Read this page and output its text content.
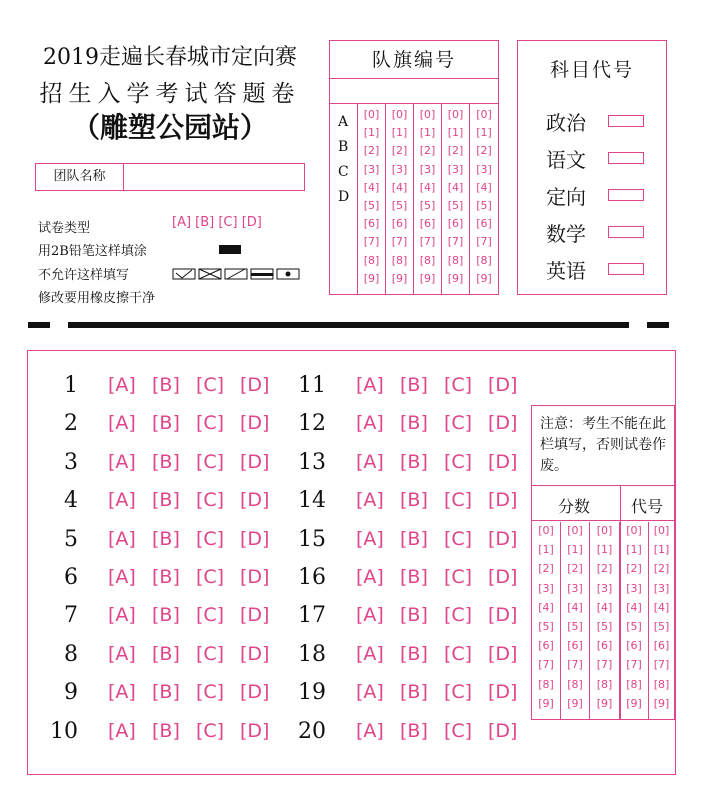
2019走遍长春城市定向赛
招生入学考试答题卷
（雕塑公园站）
团队名称
试卷类型	[A] [B] [C] [D]
用2B铅笔这样填涂
不允许这样填写
修改要用橡皮擦干净
队旗编号
A
B
C
D
[0]
[1]
[2]
[3]
[4]
[5]
[6]
[7]
[8]
[9]
[0]
[1]
[2]
[3]
[4]
[5]
[6]
[7]
[8]
[9]
[0]
[1]
[2]
[3]
[4]
[5]
[6]
[7]
[8]
[9]
[0]
[1]
[2]
[3]
[4]
[5]
[6]
[7]
[8]
[9]
[0]
[1]
[2]
[3]
[4]
[5]
[6]
[7]
[8]
[9]
科目代号
政治
语文
定向
数学
英语
1 [A] [B] [C] [D]
2 [A] [B] [C] [D]
3 [A] [B] [C] [D]
4 [A] [B] [C] [D]
5 [A] [B] [C] [D]
6 [A] [B] [C] [D]
7 [A] [B] [C] [D]
8 [A] [B] [C] [D]
9 [A] [B] [C] [D]
10 [A] [B] [C] [D]
11 [A] [B] [C] [D]
12 [A] [B] [C] [D]
13 [A] [B] [C] [D]
14 [A] [B] [C] [D]
15 [A] [B] [C] [D]
16 [A] [B] [C] [D]
17 [A] [B] [C] [D]
18 [A] [B] [C] [D]
19 [A] [B] [C] [D]
20 [A] [B] [C] [D]
注意：考生不能在此栏填写，否则试卷作废。
分数	代号
[0]
[1]
[2]
[3]
[4]
[5]
[6]
[7]
[8]
[9]
[0]
[1]
[2]
[3]
[4]
[5]
[6]
[7]
[8]
[9]
[0]
[1]
[2]
[3]
[4]
[5]
[6]
[7]
[8]
[9]
[0]
[1]
[2]
[3]
[4]
[5]
[6]
[7]
[8]
[9]
[0]
[1]
[2]
[3]
[4]
[5]
[6]
[7]
[8]
[9]
